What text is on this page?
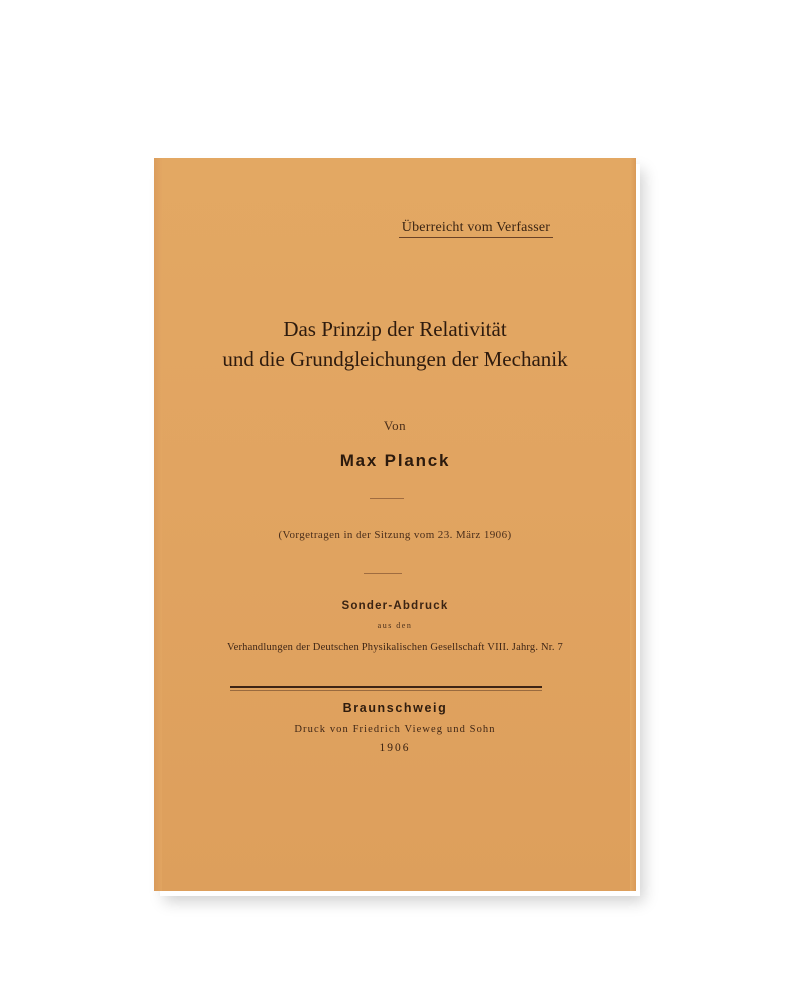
Überreicht vom Verfasser
Das Prinzip der Relativität
und die Grundgleichungen der Mechanik
Von
Max Planck
(Vorgetragen in der Sitzung vom 23. März 1906)
Sonder-Abdruck
aus den
Verhandlungen der Deutschen Physikalischen Gesellschaft VIII. Jahrg. Nr. 7
Braunschweig
Druck von Friedrich Vieweg und Sohn
1906
